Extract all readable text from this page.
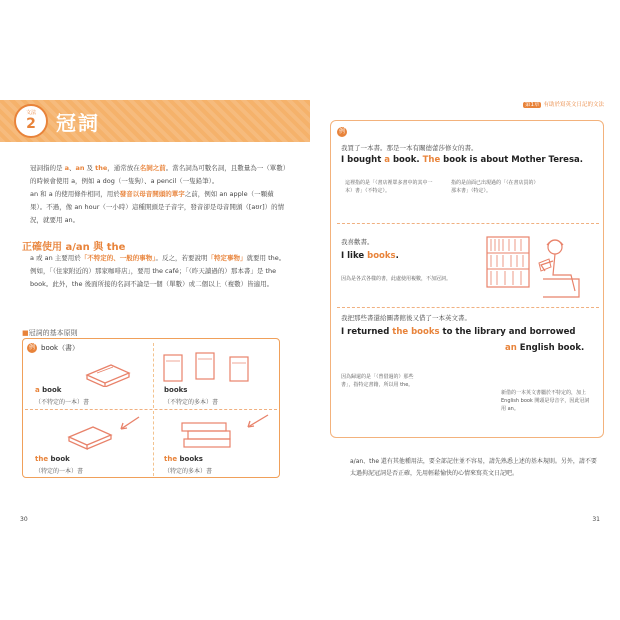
文法
2	冠詞
冠詞指的是 a、an 及 the，通常放在名詞之前。當名詞為可數名詞，且數量為一（單數）的時候會使用 a，例如 a dog（一隻狗）、a pencil（一隻鉛筆）。
an 和 a 的使用條件相同，用於發音以母音開頭的單字之前，例如 an apple（一顆蘋果）。不過，像 an hour（一小時）這種開頭是子音字，發音卻是母音開頭（[aʊr]）的情況，就要用 an。
正確使用 a/an 與 the
a 或 an 主要用於「不特定的、一般的事物」。反之，若要說明「特定事物」就要用 the。例如，「（住家附近的）那家咖啡店」，要用 the café；「（昨天讀過的）那本書」是 the book。此外，the 後面所接的名詞不論是一個（單數）或二個以上（複數）皆適用。
■冠詞的基本原則
例 book（書）
a book
（不特定的一本）書
books
（不特定的多本）書
the book
（特定的一本）書
the books
（特定的多本）書
30
第1章 有助於寫英文日記的文法
例
我買了一本書。那是一本有關德蕾莎修女的書。
I bought a book. The book is about Mother Teresa.
這裡指的是「（書店裡眾多書中的其中一本）書」（不特定）。
指的是前面已出現過的「（在書店買的）那本書」（特定）。
我喜歡書。
I like books.
因為是各式各樣的書，此處使用複數，不加冠詞。
我把那些書還給圖書館後又借了一本英文書。
I returned the books to the library and borrowed
an English book.
因為歸還的是「（曾借過的）那些書」，指特定書籍，所以用 the。
新借的一本英文書屬於不特定的，加上 English book 開頭是母音字，因此冠詞用 an。
a/an、the 還有其他種用法，要全部記住並不容易，請先熟悉上述的基本規則。另外，請不要太過拘泥冠詞是否正確，先用輕鬆愉快的心情來寫英文日記吧。
31
